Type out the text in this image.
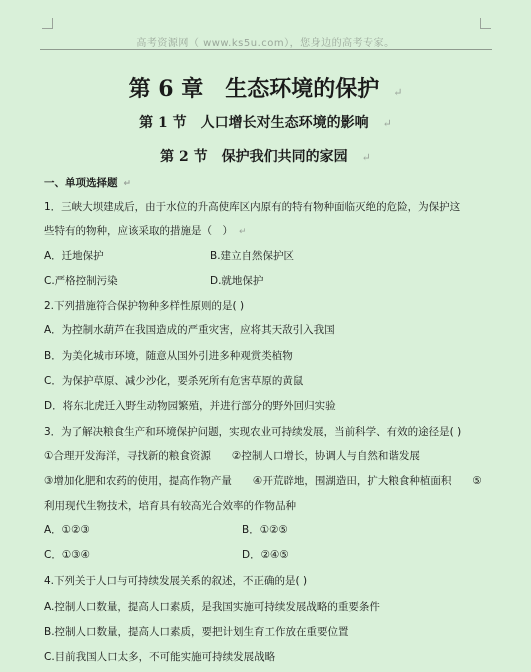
高考资源网（ www.ks5u.com），您身边的高考专家。
第 6 章　生态环境的保护 ↵
第 1 节　人口增长对生态环境的影响 ↵
第 2 节　保护我们共同的家园 ↵
一、单项选择题 ↵
1．三峡大坝建成后，由于水位的升高使库区内原有的特有物种面临灭绝的危险，为保护这
些特有的物种，应该采取的措施是（　） ↵
A．迁地保护	B.建立自然保护区
C.严格控制污染	D.就地保护
2.下列措施符合保护物种多样性原则的是( )
A．为控制水葫芦在我国造成的严重灾害，应将其天敌引入我国
B．为美化城市环境，随意从国外引进多种观赏类植物
C．为保护草原、减少沙化，要杀死所有危害草原的黄鼠
D．将东北虎迁入野生动物园繁殖，并进行部分的野外回归实验
3．为了解决粮食生产和环境保护问题，实现农业可持续发展，当前科学、有效的途径是( )
①合理开发海洋，寻找新的粮食资源　　②控制人口增长，协调人与自然和谐发展
③增加化肥和农药的使用，提高作物产量　　④开荒辟地，围湖造田，扩大粮食种植面积　　⑤
利用现代生物技术，培育具有较高光合效率的作物品种
A．①②③	B．①②⑤
C．①③④	D．②④⑤
4.下列关于人口与可持续发展关系的叙述，不正确的是( )
A.控制人口数量，提高人口素质，是我国实施可持续发展战略的重要条件
B.控制人口数量，提高人口素质，要把计划生育工作放在重要位置
C.目前我国人口太多，不可能实施可持续发展战略
